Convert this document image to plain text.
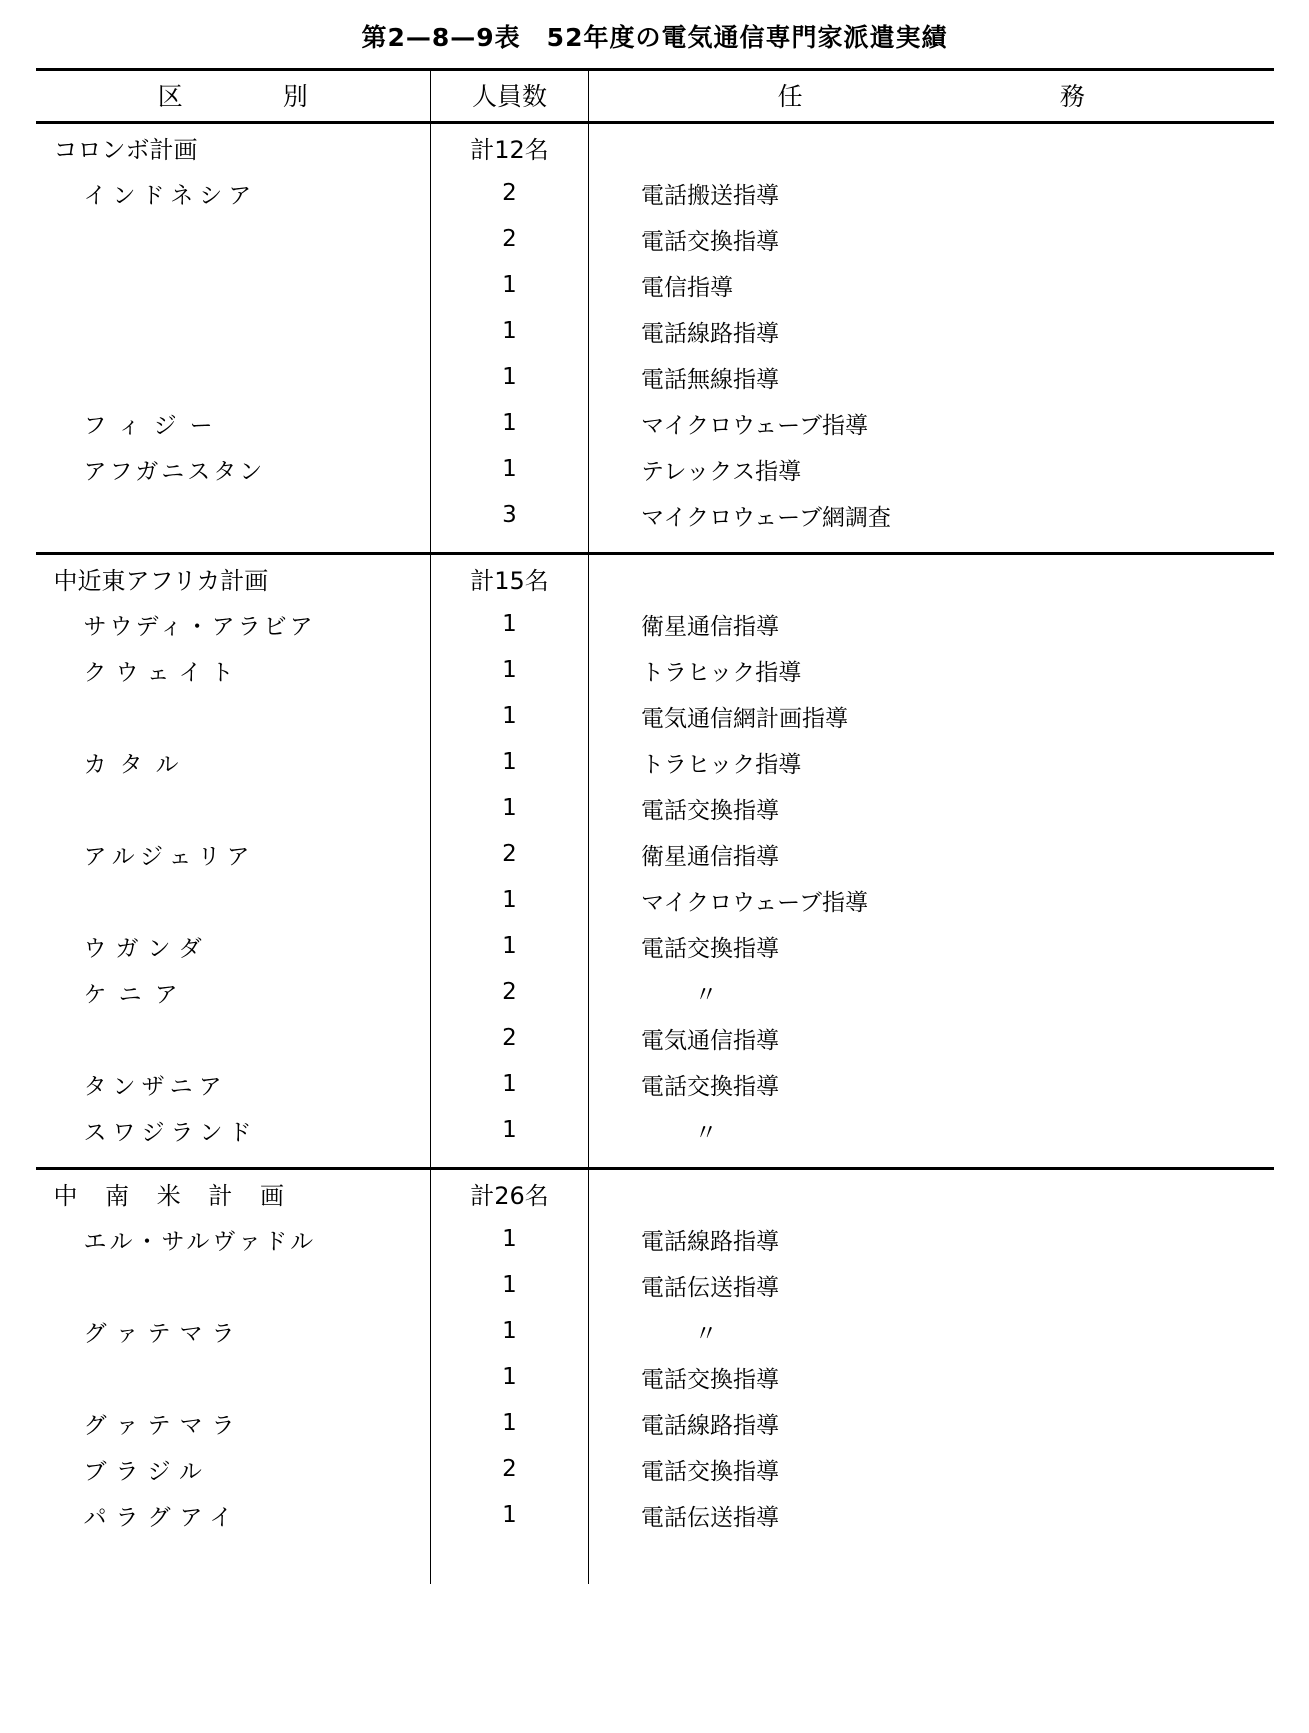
第2—8—9表　52年度の電気通信専門家派遣実績
区　　　　別	人員数	任 務

コロンボ計画	計12名	
インドネシア	2	電話搬送指導
	2	電話交換指導
	1	電信指導
	1	電話線路指導
	1	電話無線指導
フィジー	1	マイクロウェーブ指導
アフガニスタン	1	テレックス指導
	3	マイクロウェーブ網調査

中近東アフリカ計画	計15名	
サウディ・アラビア	1	衛星通信指導
クウェイト	1	トラヒック指導
	1	電気通信網計画指導
カタル	1	トラヒック指導
	1	電話交換指導
アルジェリア	2	衛星通信指導
	1	マイクロウェーブ指導
ウガンダ	1	電話交換指導
ケニア	2	〃
	2	電気通信指導
タンザニア	1	電話交換指導
スワジランド	1	〃

中 南 米 計 画	計26名	
エル・サルヴァドル	1	電話線路指導
	1	電話伝送指導
グァテマラ	1	〃
	1	電話交換指導
グァテマラ	1	電話線路指導
ブラジル	2	電話交換指導
パラグアイ	1	電話伝送指導
